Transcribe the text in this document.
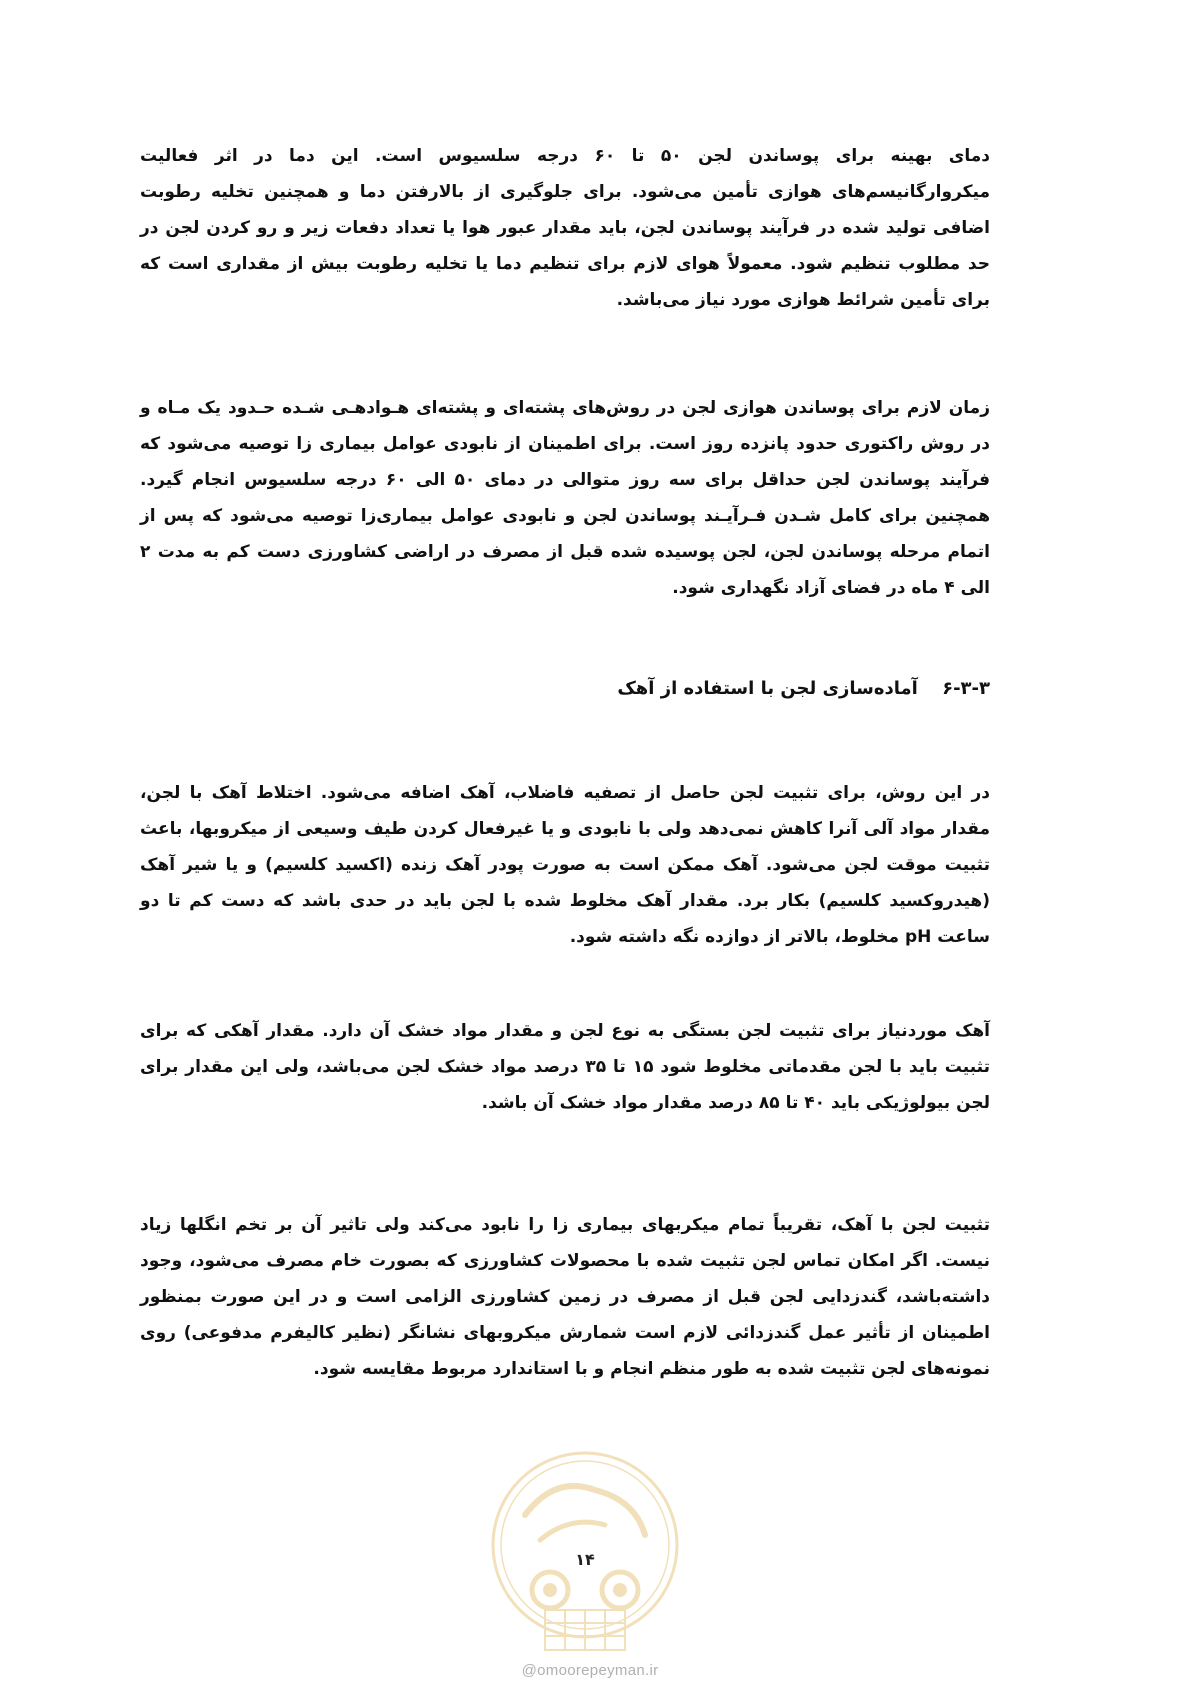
دمای بهینه برای پوساندن لجن ۵۰ تا ۶۰ درجه سلسیوس است. این دما در اثر فعالیت میکروارگانیسم‌های هوازی تأمین می‌شود. برای جلوگیری از بالارفتن دما و همچنین تخلیه رطوبت اضافی تولید شده در فرآیند پوساندن لجن، باید مقدار عبور هوا یا تعداد دفعات زیر و رو کردن لجن در حد مطلوب تنظیم شود. معمولاً هوای لازم برای تنظیم دما یا تخلیه رطوبت بیش از مقداری است که برای تأمین شرائط هوازی مورد نیاز می‌باشد.

زمان لازم برای پوساندن هوازی لجن در روش‌های پشته‌ای و پشته‌ای هـوادهـی شـده حـدود یک مـاه و در روش راکتوری حدود پانزده روز است. برای اطمینان از نابودی عوامل بیماری زا توصیه می‌شود که فرآیند پوساندن لجن حداقل برای سه روز متوالی در دمای ۵۰ الی ۶۰ درجه سلسیوس انجام گیرد. همچنین برای کامل شـدن فـرآیـند پوساندن لجن و نابودی عوامل بیماری‌زا توصیه می‌شود که پس از اتمام مرحله پوساندن لجن، لجن پوسیده شده قبل از مصرف در اراضی کشاورزی دست کم به مدت ۲ الی ۴ ماه در فضای آزاد نگهداری شود.

۶-۳-۳ آماده‌سازی لجن با استفاده از آهک

در این روش، برای تثبیت لجن حاصل از تصفیه فاضلاب، آهک اضافه می‌شود. اختلاط آهک با لجن، مقدار مواد آلی آنرا کاهش نمی‌دهد ولی با نابودی و یا غیرفعال کردن طیف وسیعی از میکروبها، باعث تثبیت موقت لجن می‌شود. آهک ممکن است به صورت پودر آهک زنده (اکسید کلسیم) و یا شیر آهک (هیدروکسید کلسیم) بکار برد. مقدار آهک مخلوط شده با لجن باید در حدی باشد که دست کم تا دو ساعت pH مخلوط، بالاتر از دوازده نگه داشته شود.

آهک موردنیاز برای تثبیت لجن بستگی به نوع لجن و مقدار مواد خشک آن دارد. مقدار آهکی که برای تثبیت باید با لجن مقدماتی مخلوط شود ۱۵ تا ۳۵ درصد مواد خشک لجن می‌باشد، ولی این مقدار برای لجن بیولوژیکی باید ۴۰ تا ۸۵ درصد مقدار مواد خشک آن باشد.

تثبیت لجن با آهک، تقریباً تمام میکربهای بیماری زا را نابود می‌کند ولی تاثیر آن بر تخم انگلها زیاد نیست. اگر امکان تماس لجن تثبیت شده با محصولات کشاورزی که بصورت خام مصرف می‌شود، وجود داشته‌باشد، گندزدایی لجن قبل از مصرف در زمین کشاورزی الزامی است و در این صورت بمنظور اطمینان از تأثیر عمل گندزدائی لازم است شمارش میکروبهای نشانگر (نظیر کالیفرم مدفوعی) روی نمونه‌های لجن تثبیت شده به طور منظم انجام و با استاندارد مربوط مقایسه شود.

۱۴
@omoorepeyman.ir
